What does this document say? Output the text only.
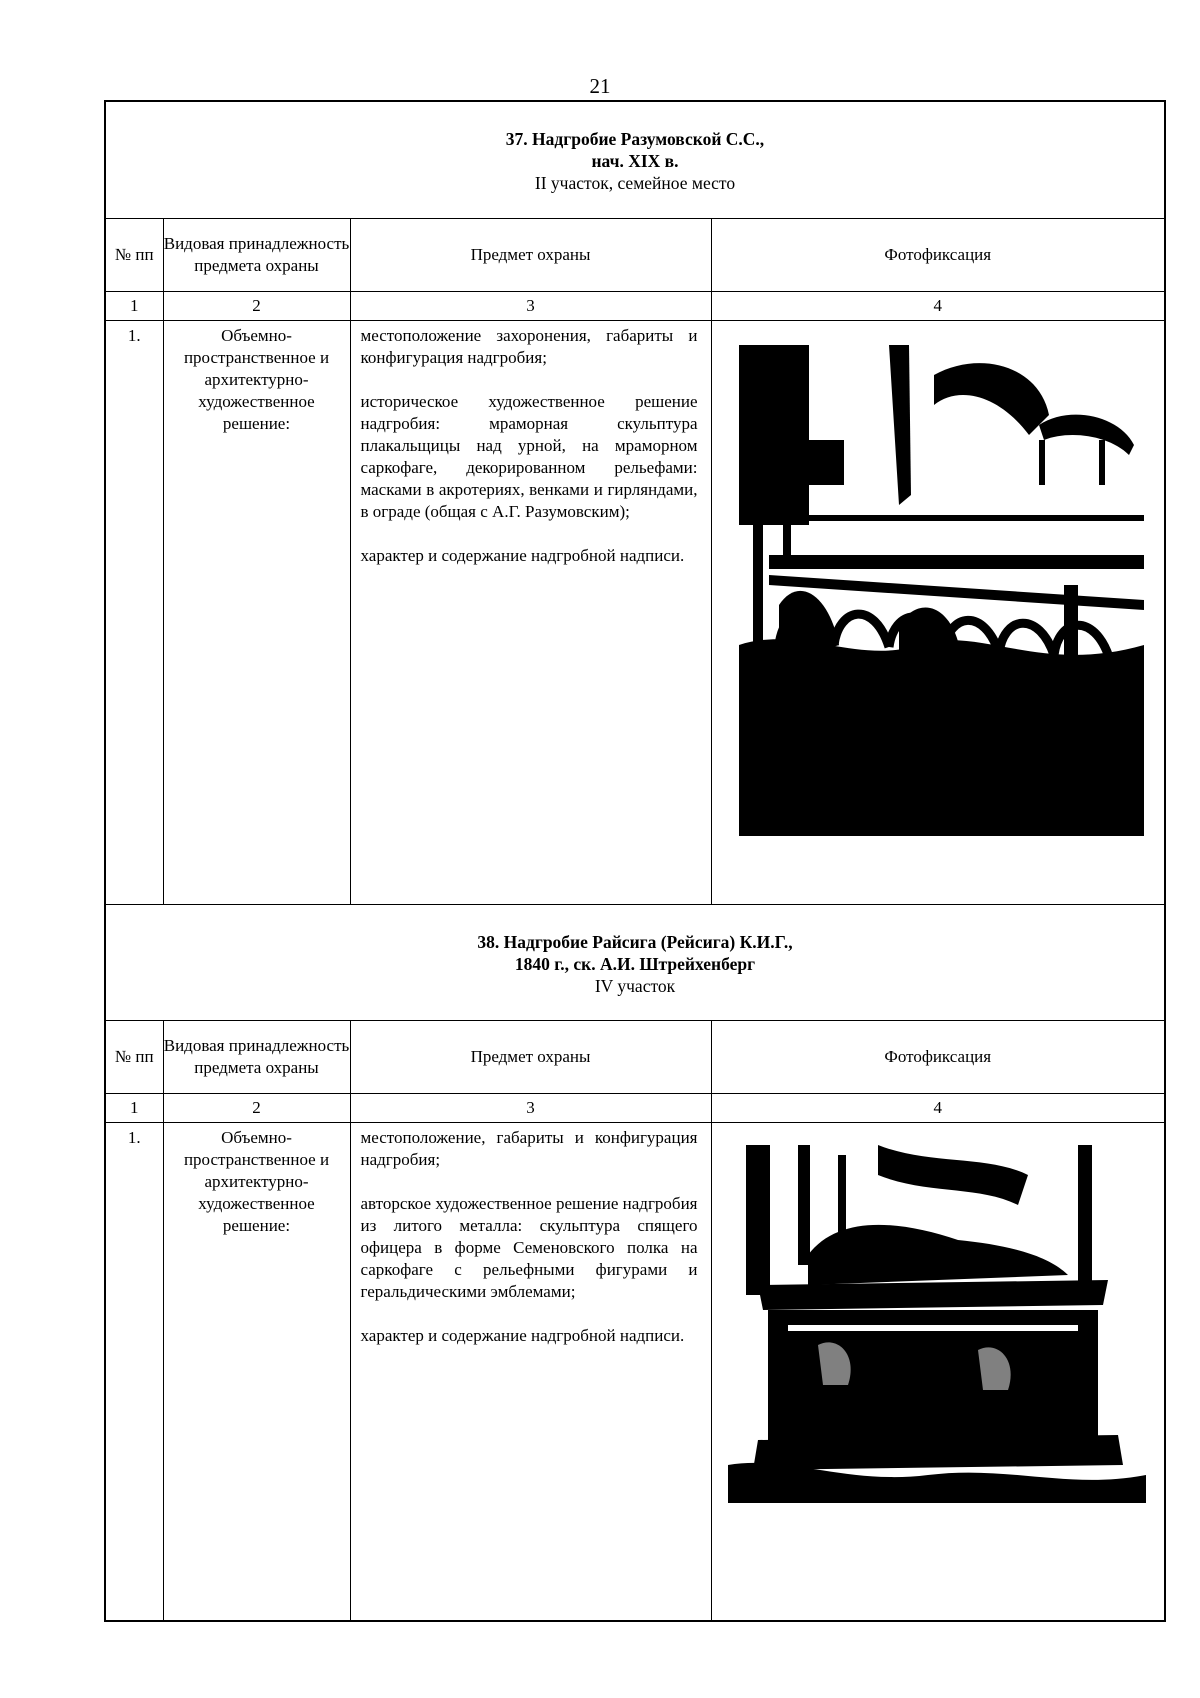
21
37. Надгробие Разумовской С.С.,
нач. XIX в.
II участок, семейное место
№ пп	Видовая принадлежность предмета охраны	Предмет охраны	Фотофиксация
1	2	3	4
1.	Объемно-пространственное и архитектурно-художественное решение:	местоположение захоронения, габариты и конфигурация надгробия;

историческое художественное решение надгробия: мраморная скульптура плакальщицы над урной, на мраморном саркофаге, декорированном рельефами: масками в акротериях, венками и гирляндами, в ограде (общая с А.Г. Разумовским);

характер и содержание надгробной надписи.

38. Надгробие Райсига (Рейсига) К.И.Г.,
1840 г., ск. А.И. Штрейхенберг
IV участок
№ пп	Видовая принадлежность предмета охраны	Предмет охраны	Фотофиксация
1	2	3	4
1.	Объемно-пространственное и архитектурно-художественное решение:	местоположение, габариты и конфигурация надгробия;

авторское художественное решение надгробия из литого металла: скульптура спящего офицера в форме Семеновского полка на саркофаге с рельефными фигурами и геральдическими эмблемами;

характер и содержание надгробной надписи.
